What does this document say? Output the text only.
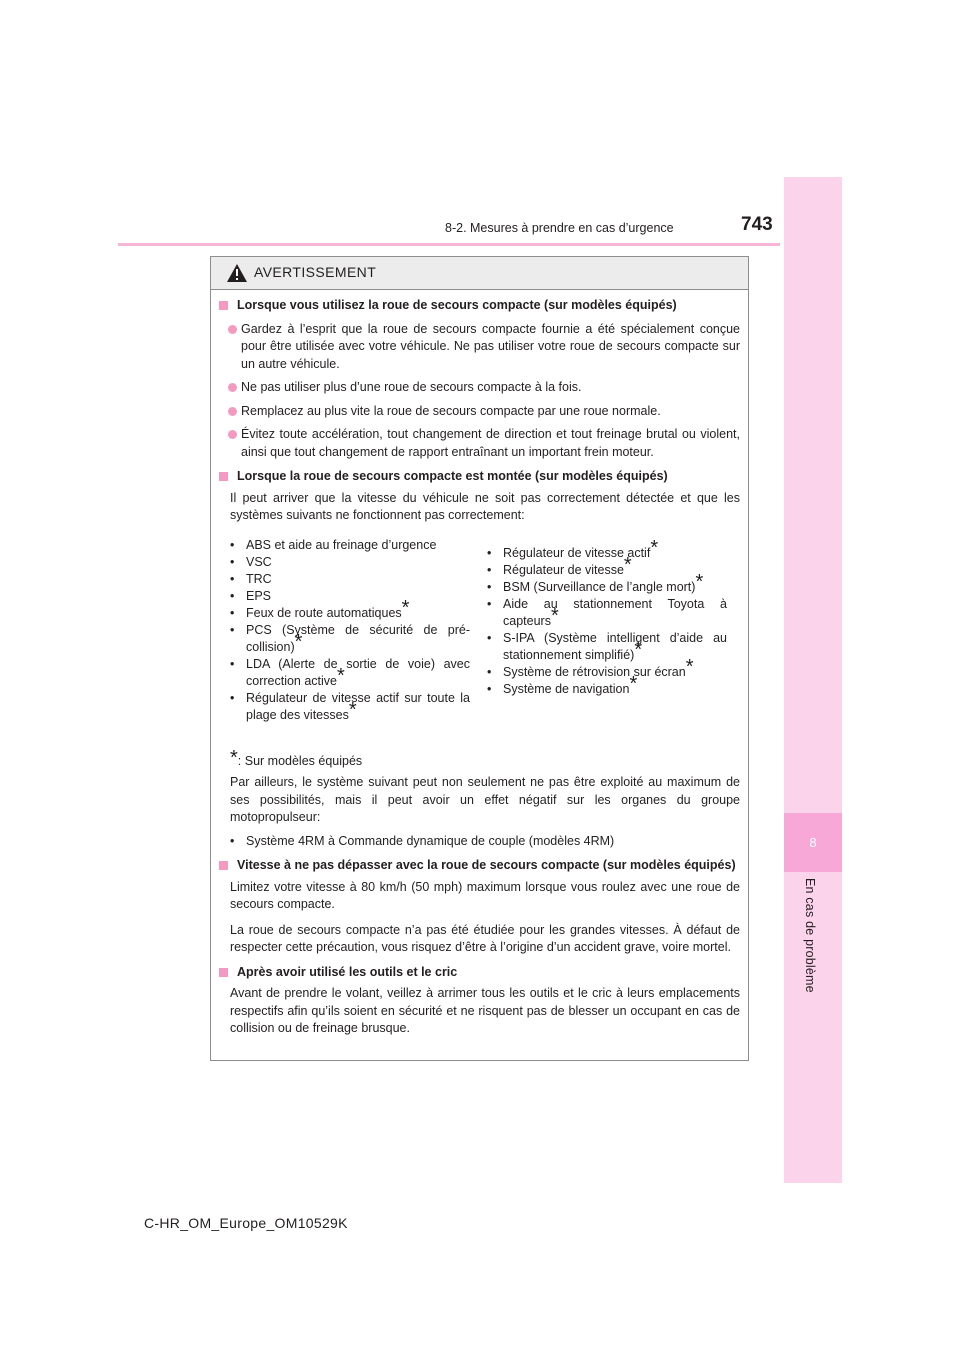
8-2. Mesures à prendre en cas d’urgence	743
8
En cas de problème
AVERTISSEMENT
Lorsque vous utilisez la roue de secours compacte (sur modèles équipés)
Gardez à l’esprit que la roue de secours compacte fournie a été spécialement conçue pour être utilisée avec votre véhicule. Ne pas utiliser votre roue de secours compacte sur un autre véhicule.
Ne pas utiliser plus d’une roue de secours compacte à la fois.
Remplacez au plus vite la roue de secours compacte par une roue normale.
Évitez toute accélération, tout changement de direction et tout freinage brutal ou violent, ainsi que tout changement de rapport entraînant un important frein moteur.
Lorsque la roue de secours compacte est montée (sur modèles équipés)
Il peut arriver que la vitesse du véhicule ne soit pas correctement détectée et que les systèmes suivants ne fonctionnent pas correctement:
• ABS et aide au freinage d’urgence
• VSC
• TRC
• EPS
• Feux de route automatiques*
• PCS (Système de sécurité de pré-collision)*
• LDA (Alerte de sortie de voie) avec correction active*
• Régulateur de vitesse actif sur toute la plage des vitesses*
• Régulateur de vitesse actif*
• Régulateur de vitesse*
• BSM (Surveillance de l’angle mort)*
• Aide au stationnement Toyota à capteurs*
• S-IPA (Système intelligent d’aide au stationnement simplifié)*
• Système de rétrovision sur écran*
• Système de navigation*
*: Sur modèles équipés
Par ailleurs, le système suivant peut non seulement ne pas être exploité au maximum de ses possibilités, mais il peut avoir un effet négatif sur les organes du groupe motopropulseur:
• Système 4RM à Commande dynamique de couple (modèles 4RM)
Vitesse à ne pas dépasser avec la roue de secours compacte (sur modèles équipés)
Limitez votre vitesse à 80 km/h (50 mph) maximum lorsque vous roulez avec une roue de secours compacte.
La roue de secours compacte n’a pas été étudiée pour les grandes vitesses. À défaut de respecter cette précaution, vous risquez d’être à l’origine d’un accident grave, voire mortel.
Après avoir utilisé les outils et le cric
Avant de prendre le volant, veillez à arrimer tous les outils et le cric à leurs emplacements respectifs afin qu’ils soient en sécurité et ne risquent pas de blesser un occupant en cas de collision ou de freinage brusque.
C-HR_OM_Europe_OM10529K
